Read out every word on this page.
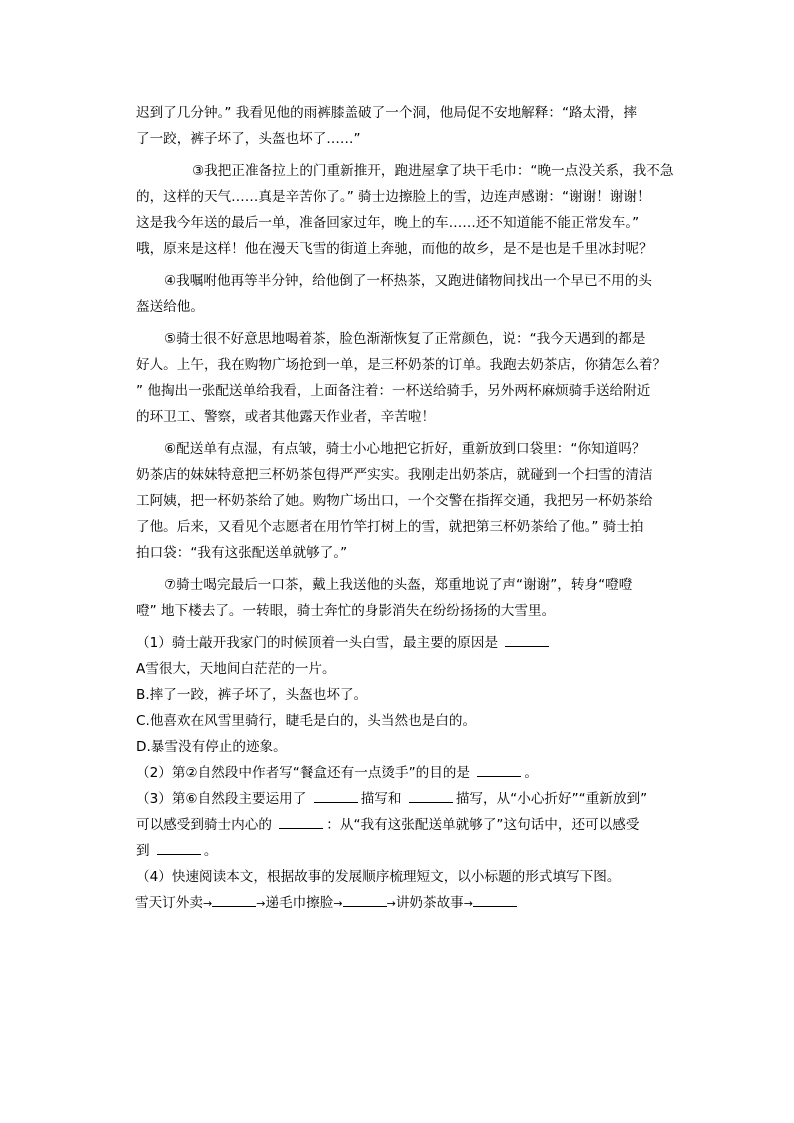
迟到了几分钟。” 我看见他的雨裤膝盖破了一个洞，他局促不安地解释：“路太滑，摔
了一跤，裤子坏了，头盔也坏了……”
③我把正准备拉上的门重新推开，跑进屋拿了块干毛巾：“晚一点没关系，我不急
的，这样的天气……真是辛苦你了。” 骑士边擦脸上的雪，边连声感谢：“谢谢！谢谢！
这是我今年送的最后一单，准备回家过年，晚上的车……还不知道能不能正常发车。”
哦，原来是这样！他在漫天飞雪的街道上奔驰，而他的故乡，是不是也是千里冰封呢？
④我嘱咐他再等半分钟，给他倒了一杯热茶，又跑进储物间找出一个早已不用的头
盔送给他。
⑤骑士很不好意思地喝着茶，脸色渐渐恢复了正常颜色，说：“我今天遇到的都是
好人。上午，我在购物广场抢到一单，是三杯奶茶的订单。我跑去奶茶店，你猜怎么着？
” 他掏出一张配送单给我看，上面备注着：一杯送给骑手，另外两杯麻烦骑手送给附近
的环卫工、警察，或者其他露天作业者，辛苦啦！
⑥配送单有点湿，有点皱，骑士小心地把它折好，重新放到口袋里：“你知道吗？
奶茶店的妹妹特意把三杯奶茶包得严严实实。我刚走出奶茶店，就碰到一个扫雪的清洁
工阿姨，把一杯奶茶给了她。购物广场出口，一个交警在指挥交通，我把另一杯奶茶给
了他。后来，又看见个志愿者在用竹竿打树上的雪，就把第三杯奶茶给了他。” 骑士拍
拍口袋：“我有这张配送单就够了。”
⑦骑士喝完最后一口茶，戴上我送他的头盔，郑重地说了声“谢谢”，转身“噔噔
噔” 地下楼去了。一转眼，骑士奔忙的身影消失在纷纷扬扬的大雪里。
（1）骑士敲开我家门的时候顶着一头白雪，最主要的原因是
A雪很大，天地间白茫茫的一片。
B.摔了一跤，裤子坏了，头盔也坏了。
C.他喜欢在风雪里骑行，睫毛是白的，头当然也是白的。
D.暴雪没有停止的迹象。
（2）第②自然段中作者写“餐盒还有一点烫手”的目的是	。
（3）第⑥自然段主要运用了	描写和	描写，从“小心折好”“重新放到”
可以感受到骑士内心的	：从“我有这张配送单就够了”这句话中，还可以感受
到	。
（4）快速阅读本文，根据故事的发展顺序梳理短文，以小标题的形式填写下图。
雪天订外卖→	→递毛巾擦脸→	→讲奶茶故事→
